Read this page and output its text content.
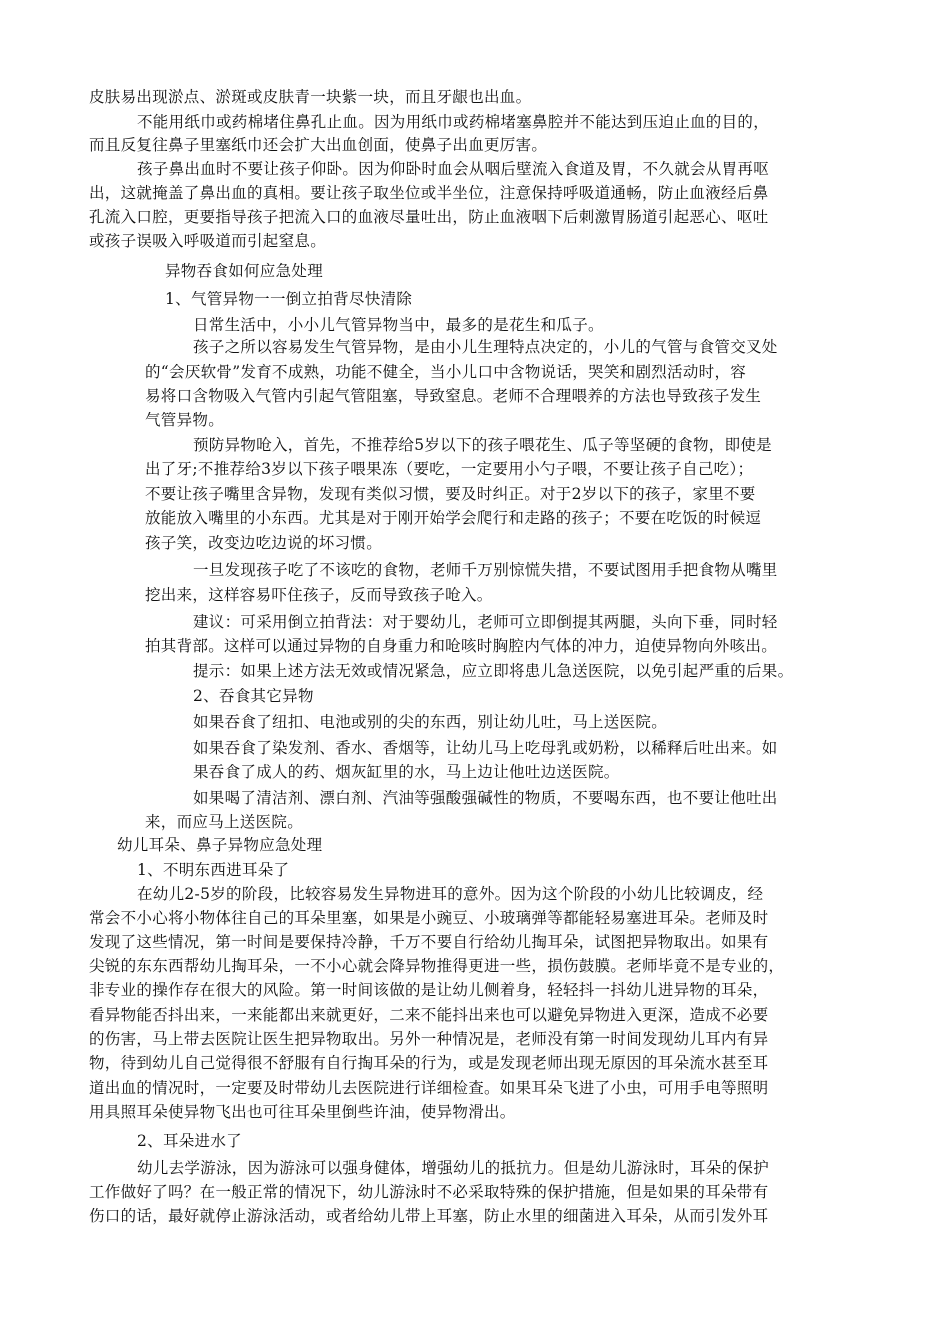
皮肤易出现淤点、淤斑或皮肤青一块紫一块，而且牙龈也出血。
不能用纸巾或药棉堵住鼻孔止血。因为用纸巾或药棉堵塞鼻腔并不能达到压迫止血的目的，
而且反复往鼻子里塞纸巾还会扩大出血创面，使鼻子出血更厉害。
孩子鼻出血时不要让孩子仰卧。因为仰卧时血会从咽后壁流入食道及胃，不久就会从胃再呕
出，这就掩盖了鼻出血的真相。要让孩子取坐位或半坐位，注意保持呼吸道通畅，防止血液经后鼻
孔流入口腔，更要指导孩子把流入口的血液尽量吐出，防止血液咽下后刺激胃肠道引起恶心、呕吐
或孩子误吸入呼吸道而引起窒息。
异物吞食如何应急处理
1、气管异物一一倒立拍背尽快清除
日常生活中，小小儿气管异物当中，最多的是花生和瓜子。
孩子之所以容易发生气管异物，是由小儿生理特点决定的，小儿的气管与食管交叉处
的“会厌软骨”发育不成熟，功能不健全，当小儿口中含物说话，哭笑和剧烈活动时，容
易将口含物吸入气管内引起气管阻塞，导致窒息。老师不合理喂养的方法也导致孩子发生
气管异物。
预防异物呛入，首先，不推荐给5岁以下的孩子喂花生、瓜子等坚硬的食物，即使是
出了牙;不推荐给3岁以下孩子喂果冻（要吃，一定要用小勺子喂，不要让孩子自己吃）；
不要让孩子嘴里含异物，发现有类似习惯，要及时纠正。对于2岁以下的孩子，家里不要
放能放入嘴里的小东西。尤其是对于刚开始学会爬行和走路的孩子；不要在吃饭的时候逗
孩子笑，改变边吃边说的坏习惯。
一旦发现孩子吃了不该吃的食物，老师千万别惊慌失措，不要试图用手把食物从嘴里
挖出来，这样容易吓住孩子，反而导致孩子呛入。
建议：可采用倒立拍背法：对于婴幼儿，老师可立即倒提其两腿，头向下垂，同时轻
拍其背部。这样可以通过异物的自身重力和呛咳时胸腔内气体的冲力，迫使异物向外咳出。
提示：如果上述方法无效或情况紧急，应立即将患儿急送医院，以免引起严重的后果。
2、吞食其它异物
如果吞食了纽扣、电池或别的尖的东西，别让幼儿吐，马上送医院。
如果吞食了染发剂、香水、香烟等，让幼儿马上吃母乳或奶粉，以稀释后吐出来。如
果吞食了成人的药、烟灰缸里的水，马上边让他吐边送医院。
如果喝了清洁剂、漂白剂、汽油等强酸强碱性的物质，不要喝东西，也不要让他吐出
来，而应马上送医院。
幼儿耳朵、鼻子异物应急处理
1、不明东西进耳朵了
在幼儿2-5岁的阶段，比较容易发生异物进耳的意外。因为这个阶段的小幼儿比较调皮，经
常会不小心将小物体往自己的耳朵里塞，如果是小豌豆、小玻璃弹等都能轻易塞进耳朵。老师及时
发现了这些情况，第一时间是要保持冷静，千万不要自行给幼儿掏耳朵，试图把异物取出。如果有
尖锐的东东西帮幼儿掏耳朵，一不小心就会降异物推得更进一些，损伤鼓膜。老师毕竟不是专业的，
非专业的操作存在很大的风险。第一时间该做的是让幼儿侧着身，轻轻抖一抖幼儿进异物的耳朵，
看异物能否抖出来，一来能都出来就更好，二来不能抖出来也可以避免异物进入更深，造成不必要
的伤害，马上带去医院让医生把异物取出。另外一种情况是，老师没有第一时间发现幼儿耳内有异
物，待到幼儿自己觉得很不舒服有自行掏耳朵的行为，或是发现老师出现无原因的耳朵流水甚至耳
道出血的情况时，一定要及时带幼儿去医院进行详细检查。如果耳朵飞进了小虫，可用手电等照明
用具照耳朵使异物飞出也可往耳朵里倒些许油，使异物滑出。
2、耳朵进水了
幼儿去学游泳，因为游泳可以强身健体，增强幼儿的抵抗力。但是幼儿游泳时，耳朵的保护
工作做好了吗？在一般正常的情况下，幼儿游泳时不必采取特殊的保护措施，但是如果的耳朵带有
伤口的话，最好就停止游泳活动，或者给幼儿带上耳塞，防止水里的细菌进入耳朵，从而引发外耳
